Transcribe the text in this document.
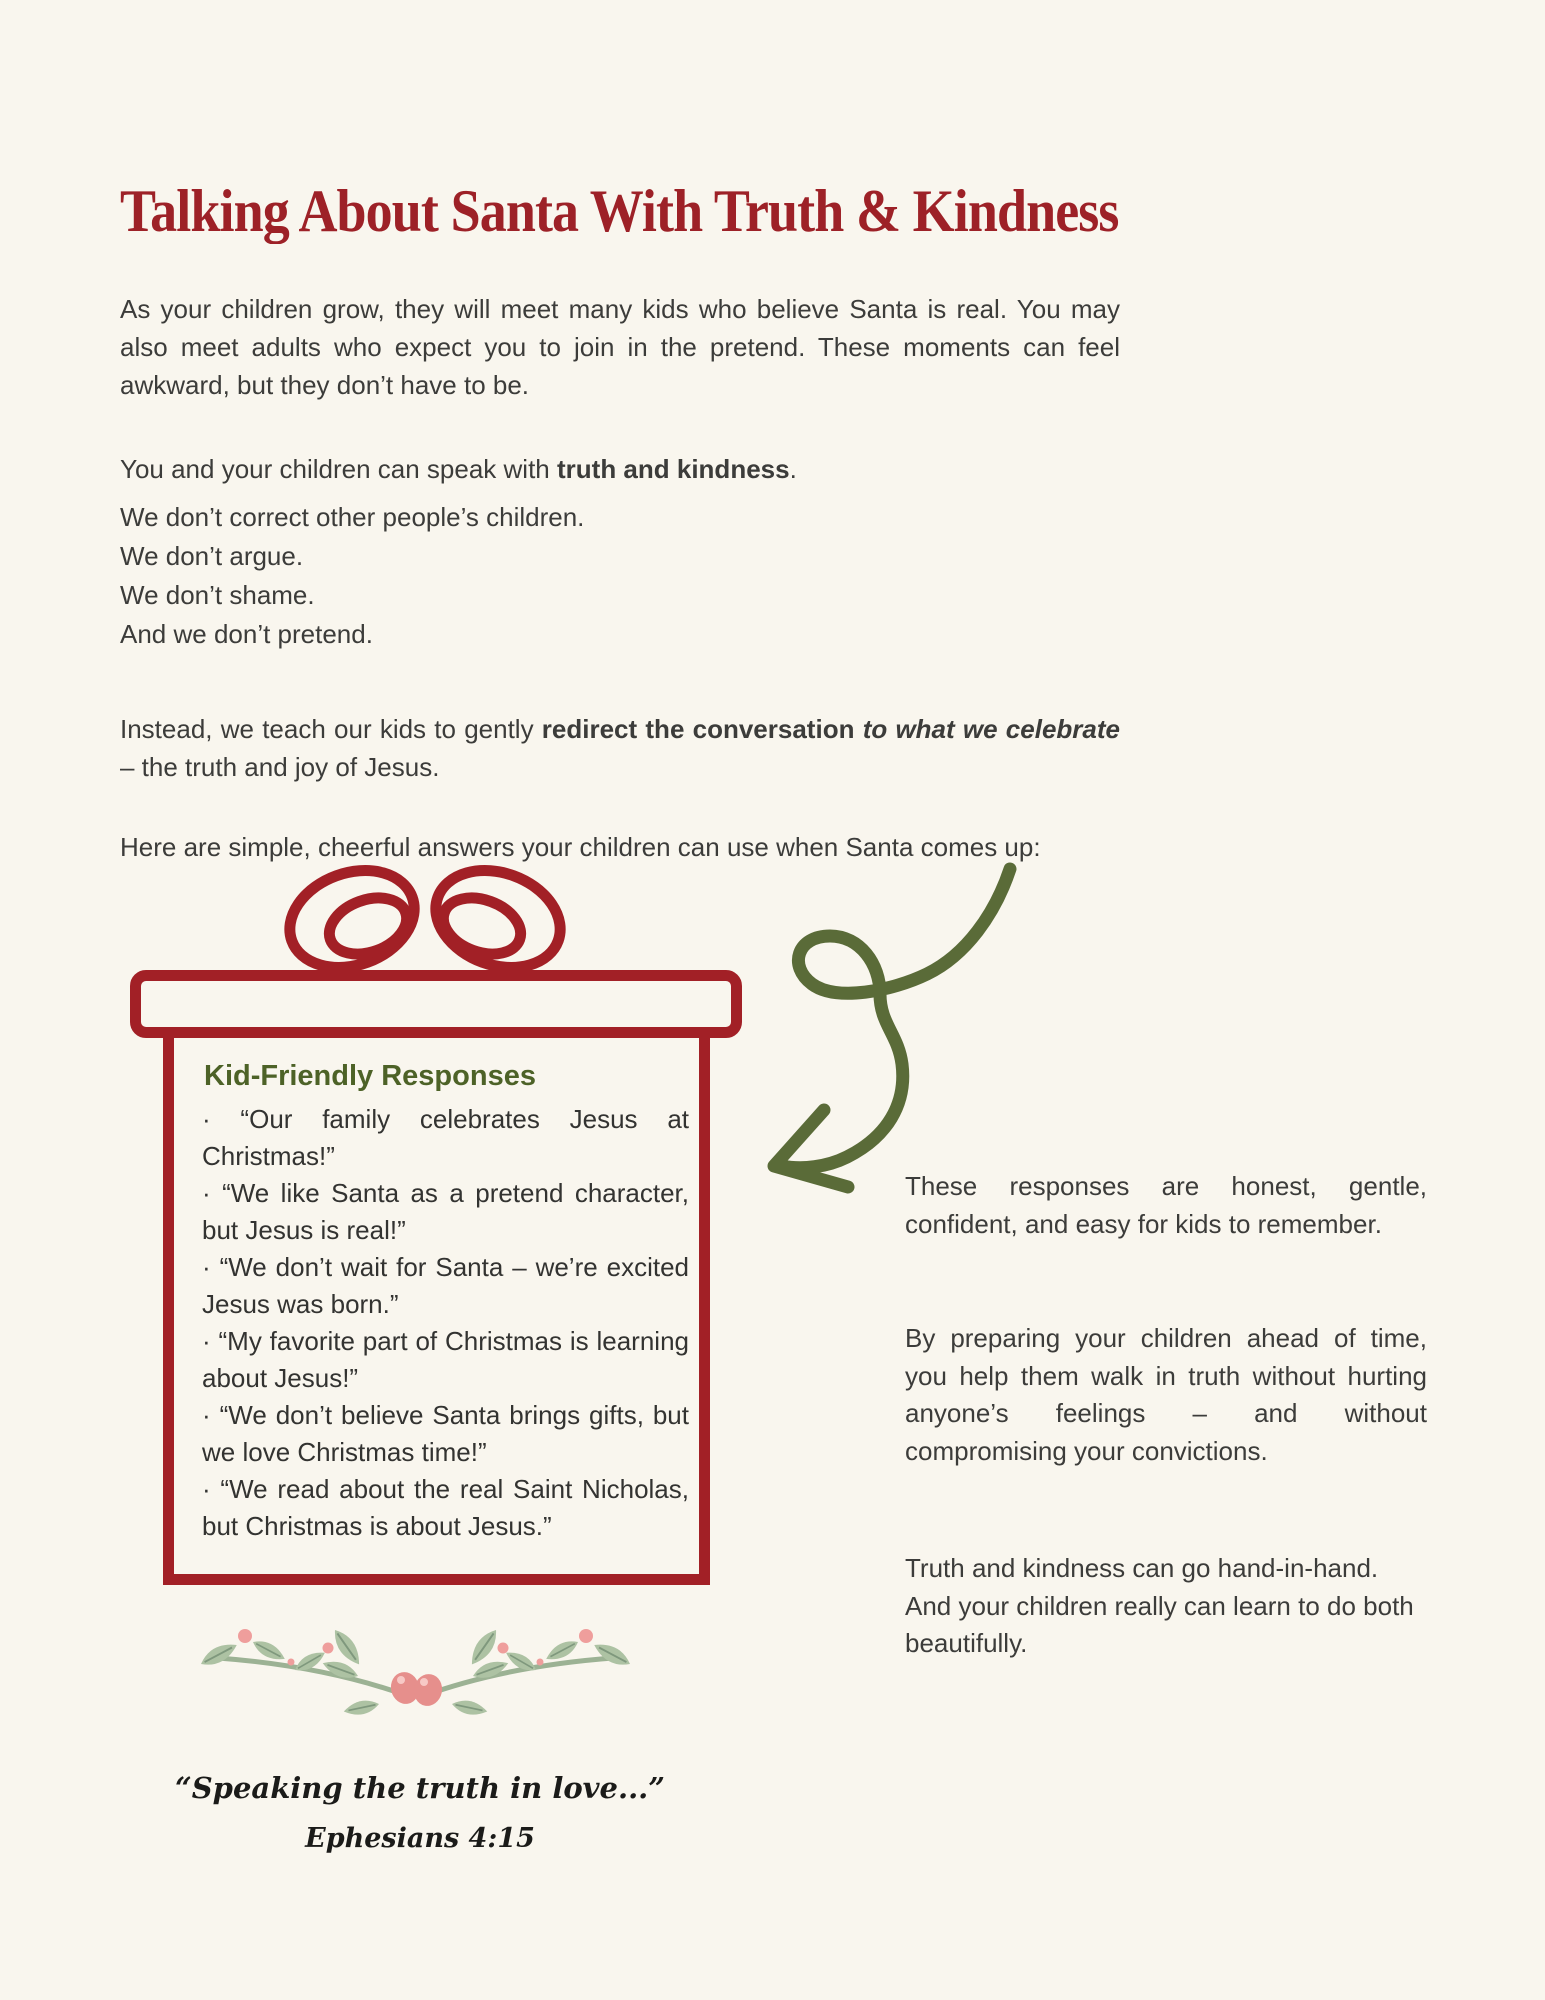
Talking About Santa With Truth & Kindness

As your children grow, they will meet many kids who believe Santa is real. You may also meet adults who expect you to join in the pretend. These moments can feel awkward, but they don’t have to be.

You and your children can speak with truth and kindness.

We don’t correct other people’s children.
We don’t argue.
We don’t shame.
And we don’t pretend.

Instead, we teach our kids to gently redirect the conversation to what we celebrate – the truth and joy of Jesus.

Here are simple, cheerful answers your children can use when Santa comes up:

Kid-Friendly Responses

· “Our family celebrates Jesus at Christmas!”

· “We like Santa as a pretend character, but Jesus is real!”

· “We don’t wait for Santa – we’re excited Jesus was born.”

· “My favorite part of Christmas is learning about Jesus!”

· “We don’t believe Santa brings gifts, but we love Christmas time!”

· “We read about the real Saint Nicholas, but Christmas is about Jesus.”

These responses are honest, gentle, confident, and easy for kids to remember.

By preparing your children ahead of time, you help them walk in truth without hurting anyone’s feelings – and without compromising your convictions.

Truth and kindness can go hand-in-hand.
And your children really can learn to do both beautifully.

“Speaking the truth in love...”

Ephesians 4:15
